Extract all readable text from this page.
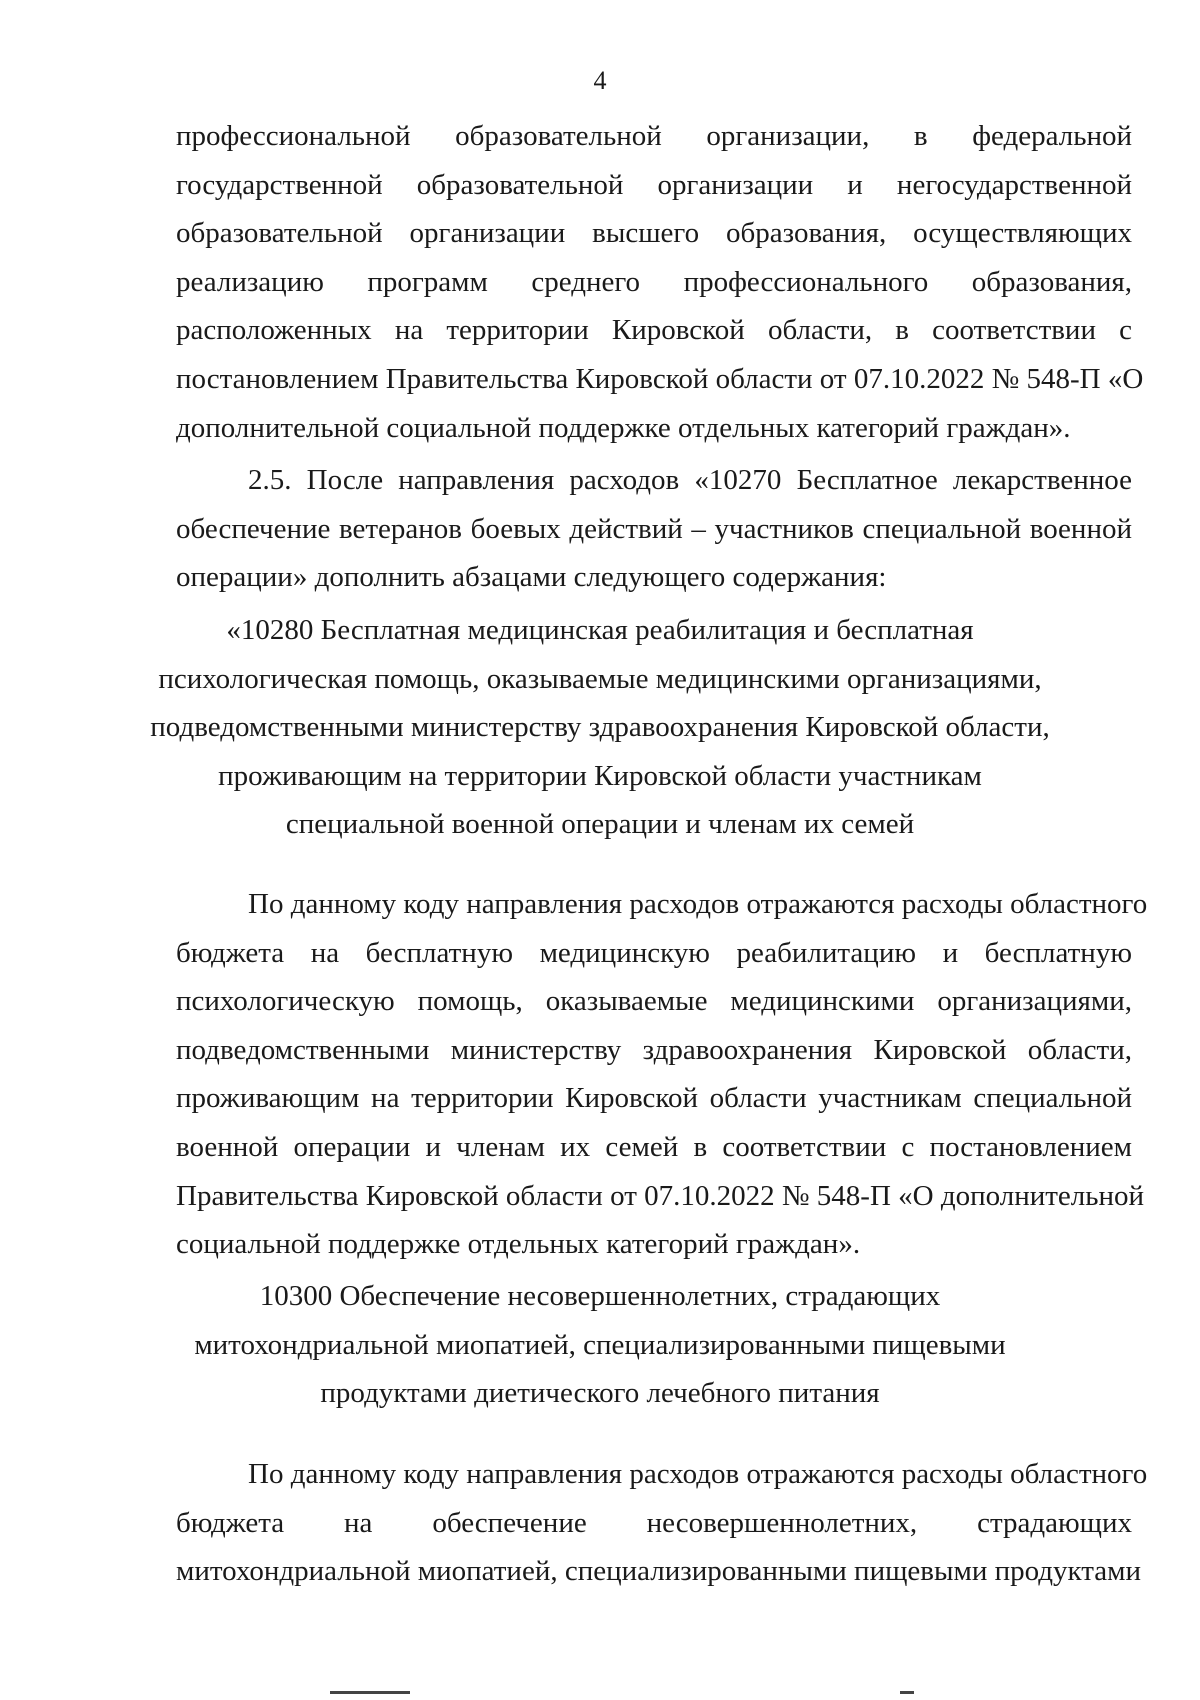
4
профессиональной образовательной организации, в федеральной
государственной образовательной организации и негосударственной
образовательной организации высшего образования, осуществляющих
реализацию программ среднего профессионального образования,
расположенных на территории Кировской области, в соответствии с
постановлением Правительства Кировской области от 07.10.2022 № 548-П «О
дополнительной социальной поддержке отдельных категорий граждан».
2.5. После направления расходов «10270 Бесплатное лекарственное
обеспечение ветеранов боевых действий – участников специальной военной
операции» дополнить абзацами следующего содержания:
«10280 Бесплатная медицинская реабилитация и бесплатная
психологическая помощь, оказываемые медицинскими организациями,
подведомственными министерству здравоохранения Кировской области,
проживающим на территории Кировской области участникам
специальной военной операции и членам их семей
По данному коду направления расходов отражаются расходы областного
бюджета на бесплатную медицинскую реабилитацию и бесплатную
психологическую помощь, оказываемые медицинскими организациями,
подведомственными министерству здравоохранения Кировской области,
проживающим на территории Кировской области участникам специальной
военной операции и членам их семей в соответствии с постановлением
Правительства Кировской области от 07.10.2022 № 548-П «О дополнительной
социальной поддержке отдельных категорий граждан».
10300 Обеспечение несовершеннолетних, страдающих
митохондриальной миопатией, специализированными пищевыми
продуктами диетического лечебного питания
По данному коду направления расходов отражаются расходы областного
бюджета на обеспечение несовершеннолетних, страдающих
митохондриальной миопатией, специализированными пищевыми продуктами
